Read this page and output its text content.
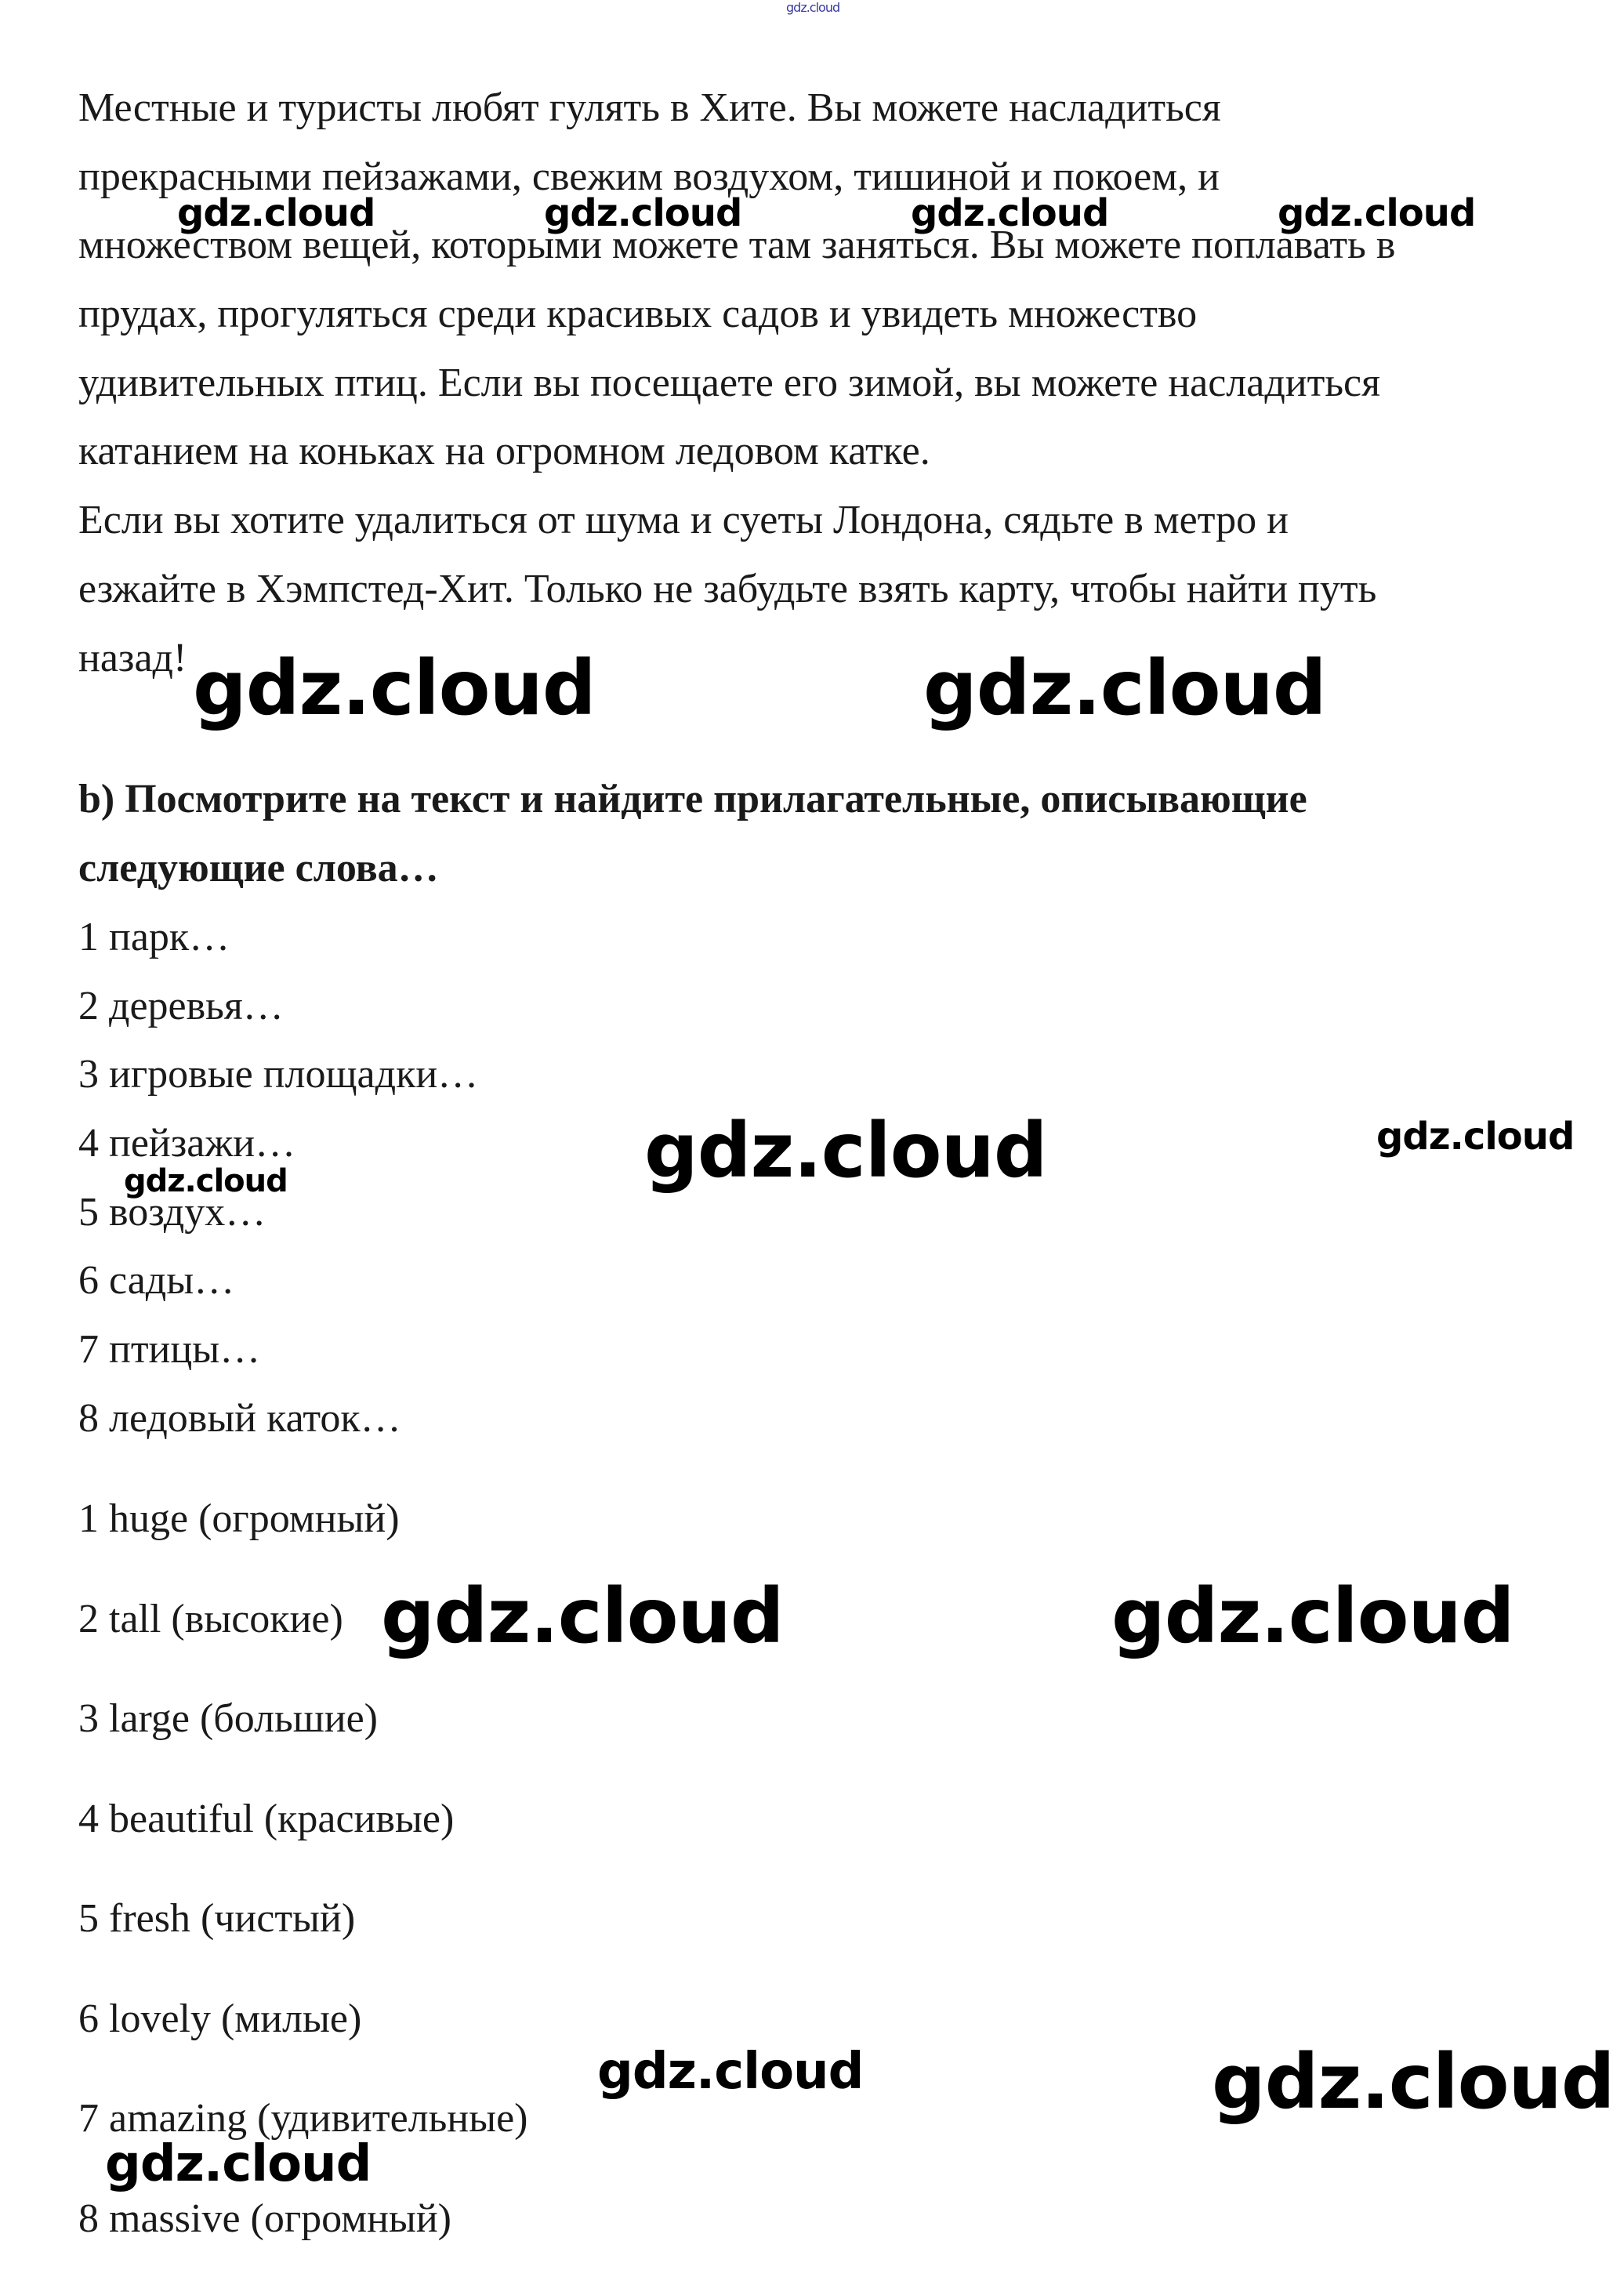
gdz.cloud
Местные и туристы любят гулять в Хите. Вы можете насладиться
прекрасными пейзажами, свежим воздухом, тишиной и покоем, и
множеством вещей, которыми можете там заняться. Вы можете поплавать в
прудах, прогуляться среди красивых садов и увидеть множество
удивительных птиц. Если вы посещаете его зимой, вы можете насладиться
катанием на коньках на огромном ледовом катке.
Если вы хотите удалиться от шума и суеты Лондона, сядьте в метро и
езжайте в Хэмпстед-Хит. Только не забудьте взять карту, чтобы найти путь
назад!
b) Посмотрите на текст и найдите прилагательные, описывающие
следующие слова…
1 парк…
2 деревья…
3 игровые площадки…
4 пейзажи…
5 воздух…
6 сады…
7 птицы…
8 ледовый каток…
1 huge (огромный)
2 tall (высокие)
3 large (большие)
4 beautiful (красивые)
5 fresh (чистый)
6 lovely (милые)
7 amazing (удивительные)
8 massive (огромный)
gdz.cloud	gdz.cloud	gdz.cloud	gdz.cloud
gdz.cloud	gdz.cloud
gdz.cloud	gdz.cloud
gdz.cloud
gdz.cloud	gdz.cloud
gdz.cloud	gdz.cloud
gdz.cloud
